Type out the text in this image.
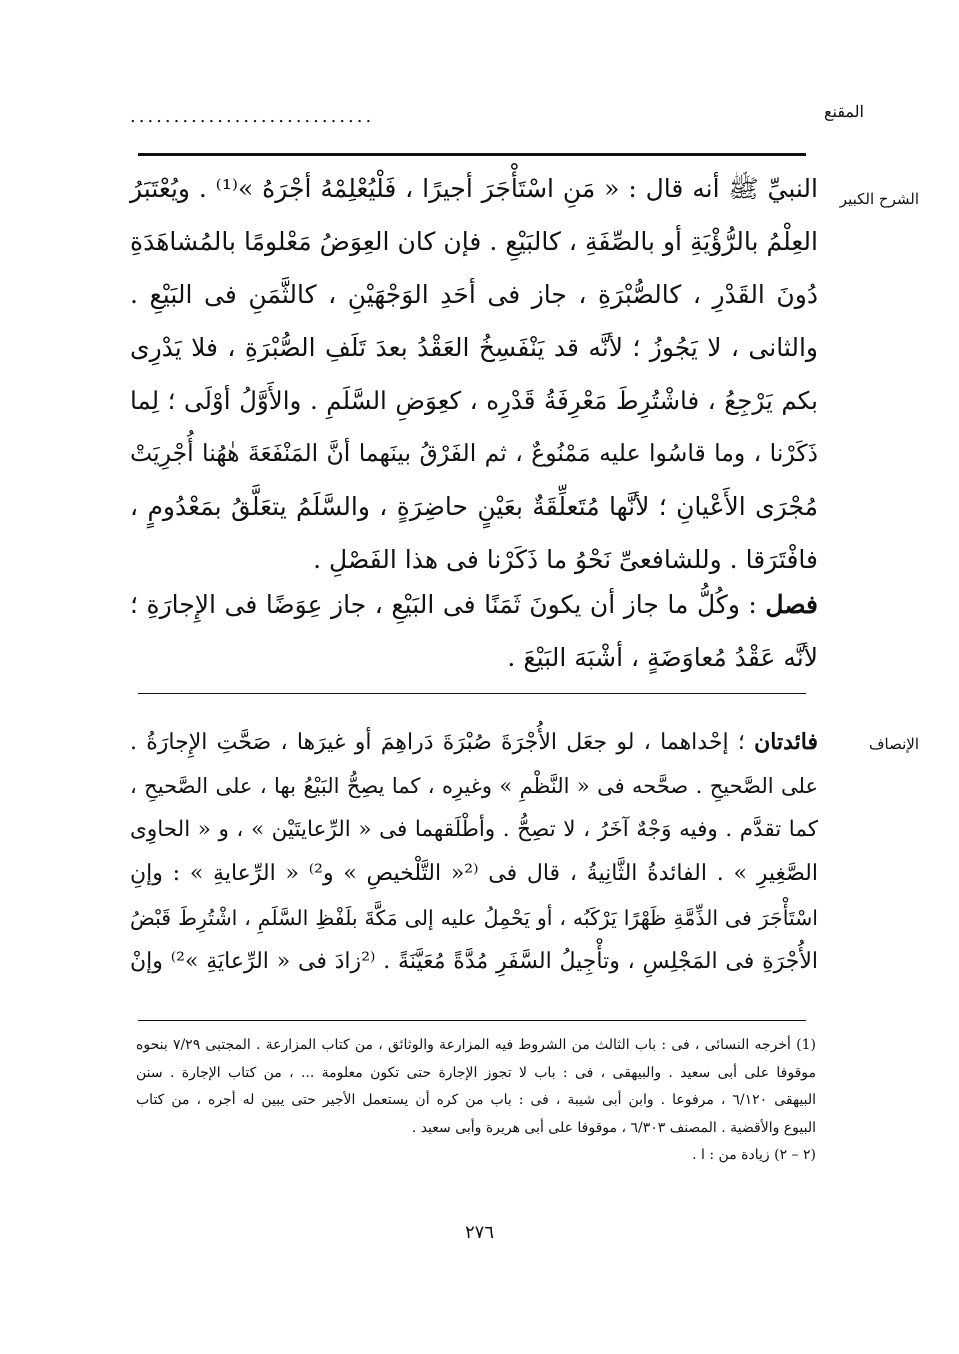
المقنع
............................
الشرح الكبير
النبيِّ ﷺ أنه قال : « مَنِ اسْتَأْجَرَ أجيرًا ، فَلْيُعْلِمْهُ أجْرَهُ »⁽¹⁾ . ويُعْتَبَرُ
العِلْمُ بالرُّؤْيَةِ أو بالصِّفَةِ ، كالبَيْعِ . فإن كان العِوَضُ مَعْلومًا بالمُشاهَدَةِ
دُونَ القَدْرِ ، كالصُّبْرَةِ ، جاز فى أحَدِ الوَجْهَيْنِ ، كالثَّمَنِ فى البَيْعِ .
والثانى ، لا يَجُوزُ ؛ لأنَّه قد يَنْفَسِخُ العَقْدُ بعدَ تَلَفِ الصُّبْرَةِ ، فلا يَدْرِى
بكم يَرْجِعُ ، فاشْتُرِطَ مَعْرِفَةُ قَدْرِه ، كعِوَضِ السَّلَمِ . والأَوَّلُ أوْلَى ؛ لِما
ذَكَرْنا ، وما قاسُوا عليه مَمْنُوعٌ ، ثم الفَرْقُ بينَهما أنَّ المَنْفَعَةَ هٰهُنا أُجْرِيَتْ
مُجْرَى الأَعْيانِ ؛ لأنَّها مُتَعلِّقَةٌ بعَيْنٍ حاضِرَةٍ ، والسَّلَمُ يتعَلَّقُ بمَعْدُومٍ ،
فافْتَرَقا . وللشافعىِّ نَحْوُ ما ذَكَرْنا فى هذا الفَصْلِ .
فصل : وكُلُّ ما جاز أن يكونَ ثَمَنًا فى البَيْعِ ، جاز عِوَضًا فى الإِجارَةِ ؛
لأنَّه عَقْدُ مُعاوَضَةٍ ، أشْبَهَ البَيْعَ .
الإنصاف
فائدتان ؛ إحْداهما ، لو جعَل الأُجْرَةَ صُبْرَةَ دَراهِمَ أو غيرَها ، صَحَّتِ الإِجارَةُ .
على الصَّحيحِ . صحَّحه فى « النَّظْمِ » وغيرِه ، كما يصِحُّ البَيْعُ بها ، على الصَّحيحِ ،
كما تقدَّم . وفيه وَجْهٌ آخَرُ ، لا تصِحُّ . وأطْلَقهما فى « الرِّعايتَيْن » ، و « الحاوِى
الصَّغِيرِ » . الفائدةُ الثَّانِيةُ ، قال فى ⁽²« التَّلْخيصِ » و²⁾ « الرِّعايةِ » : وإنِ
اسْتَأْجَرَ فى الذِّمَّةِ ظَهْرًا يَرْكَبُه ، أو يَحْمِلُ عليه إلى مَكَّةَ بلَفْظِ السَّلَمِ ، اشْتُرِطَ قَبْضُ
الأُجْرَةِ فى المَجْلِسِ ، وتأْجِيلُ السَّفَرِ مُدَّةً مُعَيَّنَةً . ⁽²زادَ فى « الرِّعايَةِ »²⁾ وإنْ
(1) أخرجه النسائى ، فى : باب الثالث من الشروط فيه المزارعة والوثائق ، من كتاب المزارعة . المجتبى ٧/٢٩ بنحوه
موقوفا على أبى سعيد . والبيهقى ، فى : باب لا تجوز الإجارة حتى تكون معلومة ... ، من كتاب الإجارة . سنن
البيهقى ٦/١٢٠ ، مرفوعا . وابن أبى شيبة ، فى : باب من كره أن يستعمل الأجير حتى يبين له أجره ، من كتاب
البيوع والأقضية . المصنف ٦/٣٠٣ ، موقوفا على أبى هريرة وأبى سعيد .
(٢ – ٢) زيادة من : ا .
٢٧٦
